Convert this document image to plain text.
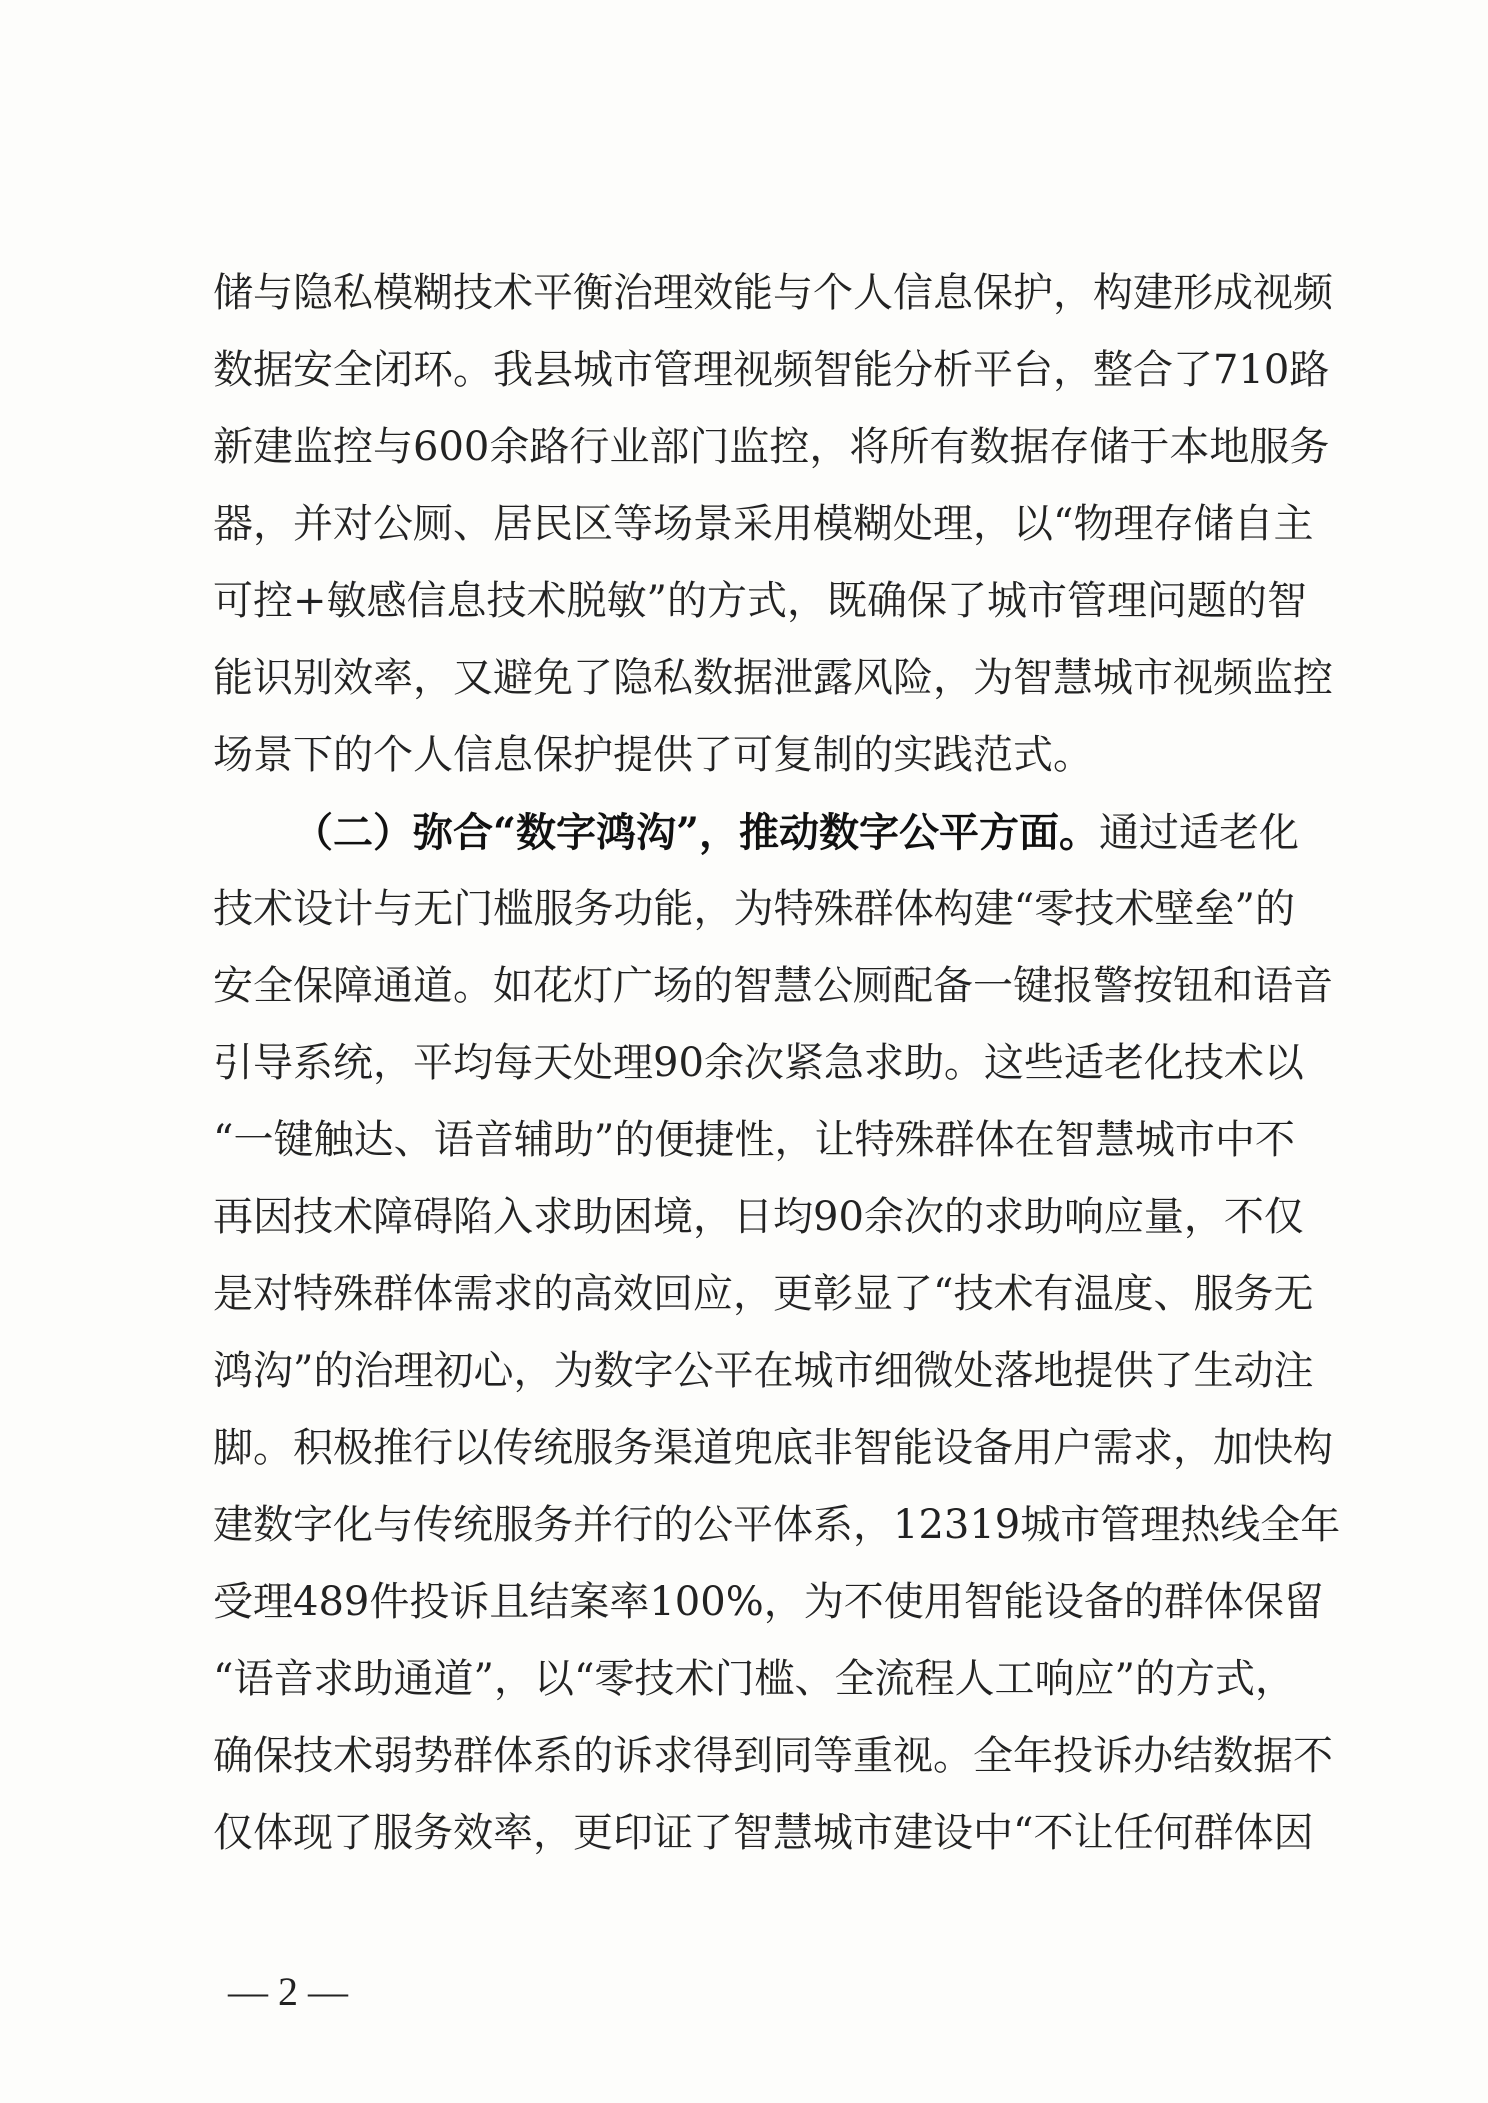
储与隐私模糊技术平衡治理效能与个人信息保护，构建形成视频
数据安全闭环。我县城市管理视频智能分析平台，整合了710路
新建监控与600余路行业部门监控，将所有数据存储于本地服务
器，并对公厕、居民区等场景采用模糊处理，以“物理存储自主
可控+敏感信息技术脱敏”的方式，既确保了城市管理问题的智
能识别效率，又避免了隐私数据泄露风险，为智慧城市视频监控
场景下的个人信息保护提供了可复制的实践范式。
（二）弥合“数字鸿沟”，推动数字公平方面。通过适老化
技术设计与无门槛服务功能，为特殊群体构建“零技术壁垒”的
安全保障通道。如花灯广场的智慧公厕配备一键报警按钮和语音
引导系统，平均每天处理90余次紧急求助。这些适老化技术以
“一键触达、语音辅助”的便捷性，让特殊群体在智慧城市中不
再因技术障碍陷入求助困境，日均90余次的求助响应量，不仅
是对特殊群体需求的高效回应，更彰显了“技术有温度、服务无
鸿沟”的治理初心，为数字公平在城市细微处落地提供了生动注
脚。积极推行以传统服务渠道兜底非智能设备用户需求，加快构
建数字化与传统服务并行的公平体系，12319城市管理热线全年
受理489件投诉且结案率100%，为不使用智能设备的群体保留
“语音求助通道”，以“零技术门槛、全流程人工响应”的方式，
确保技术弱势群体系的诉求得到同等重视。全年投诉办结数据不
仅体现了服务效率，更印证了智慧城市建设中“不让任何群体因
— 2 —
